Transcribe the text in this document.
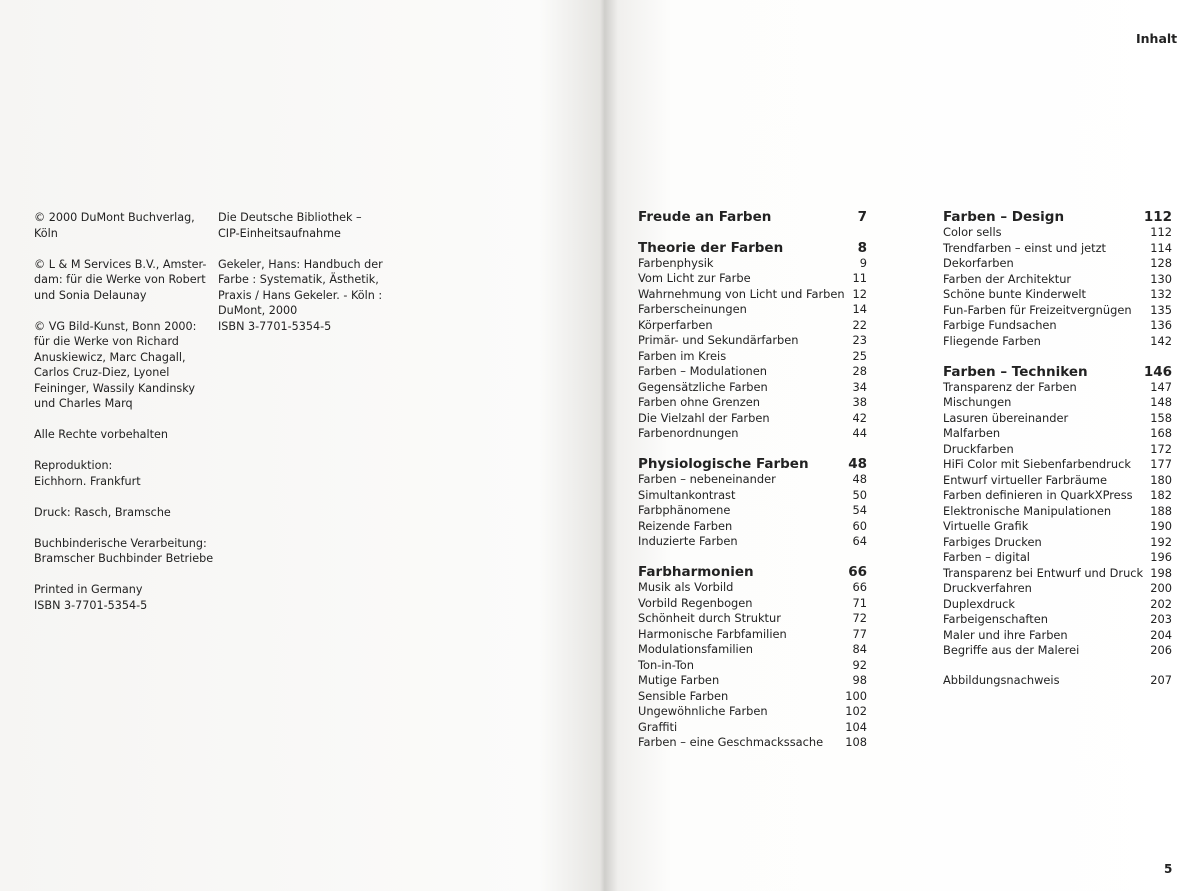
© 2000 DuMont Buchverlag, Köln

© L & M Services B.V., Amster-
dam: für die Werke von Robert
und Sonia Delaunay

© VG Bild-Kunst, Bonn 2000:
für die Werke von Richard
Anuskiewicz, Marc Chagall,
Carlos Cruz-Diez, Lyonel
Feininger, Wassily Kandinsky
und Charles Marq

Alle Rechte vorbehalten

Reproduktion:
Eichhorn. Frankfurt

Druck: Rasch, Bramsche

Buchbinderische Verarbeitung:
Bramscher Buchbinder Betriebe

Printed in Germany
ISBN 3-7701-5354-5

Die Deutsche Bibliothek –
CIP-Einheitsaufnahme

Gekeler, Hans: Handbuch der
Farbe : Systematik, Ästhetik,
Praxis / Hans Gekeler. - Köln :
DuMont, 2000
ISBN 3-7701-5354-5

Inhalt
Freude an Farben	7
Theorie der Farben	8
Farbenphysik	9
Vom Licht zur Farbe	11
Wahrnehmung von Licht und Farben 12
Farberscheinungen	14
Körperfarben	22
Primär- und Sekundärfarben	23
Farben im Kreis	25
Farben – Modulationen	28
Gegensätzliche Farben	34
Farben ohne Grenzen	38
Die Vielzahl der Farben	42
Farbenordnungen	44
Physiologische Farben	48
Farben – nebeneinander	48
Simultankontrast	50
Farbphänomene	54
Reizende Farben	60
Induzierte Farben	64
Farbharmonien	66
Musik als Vorbild	66
Vorbild Regenbogen	71
Schönheit durch Struktur	72
Harmonische Farbfamilien	77
Modulationsfamilien	84
Ton-in-Ton	92
Mutige Farben	98
Sensible Farben	100
Ungewöhnliche Farben	102
Graffiti	104
Farben – eine Geschmackssache 108
Farben – Design	112
Color sells	112
Trendfarben – einst und jetzt	114
Dekorfarben	128
Farben der Architektur	130
Schöne bunte Kinderwelt	132
Fun-Farben für Freizeitvergnügen 135
Farbige Fundsachen	136
Fliegende Farben	142
Farben – Techniken	146
Transparenz der Farben	147
Mischungen	148
Lasuren übereinander	158
Malfarben	168
Druckfarben	172
HiFi Color mit Siebenfarbendruck 177
Entwurf virtueller Farbräume	180
Farben definieren in QuarkXPress 182
Elektronische Manipulationen	188
Virtuelle Grafik	190
Farbiges Drucken	192
Farben – digital	196
Transparenz bei Entwurf und Druck 198
Druckverfahren	200
Duplexdruck	202
Farbeigenschaften	203
Maler und ihre Farben	204
Begriffe aus der Malerei	206
Abbildungsnachweis	207
5
